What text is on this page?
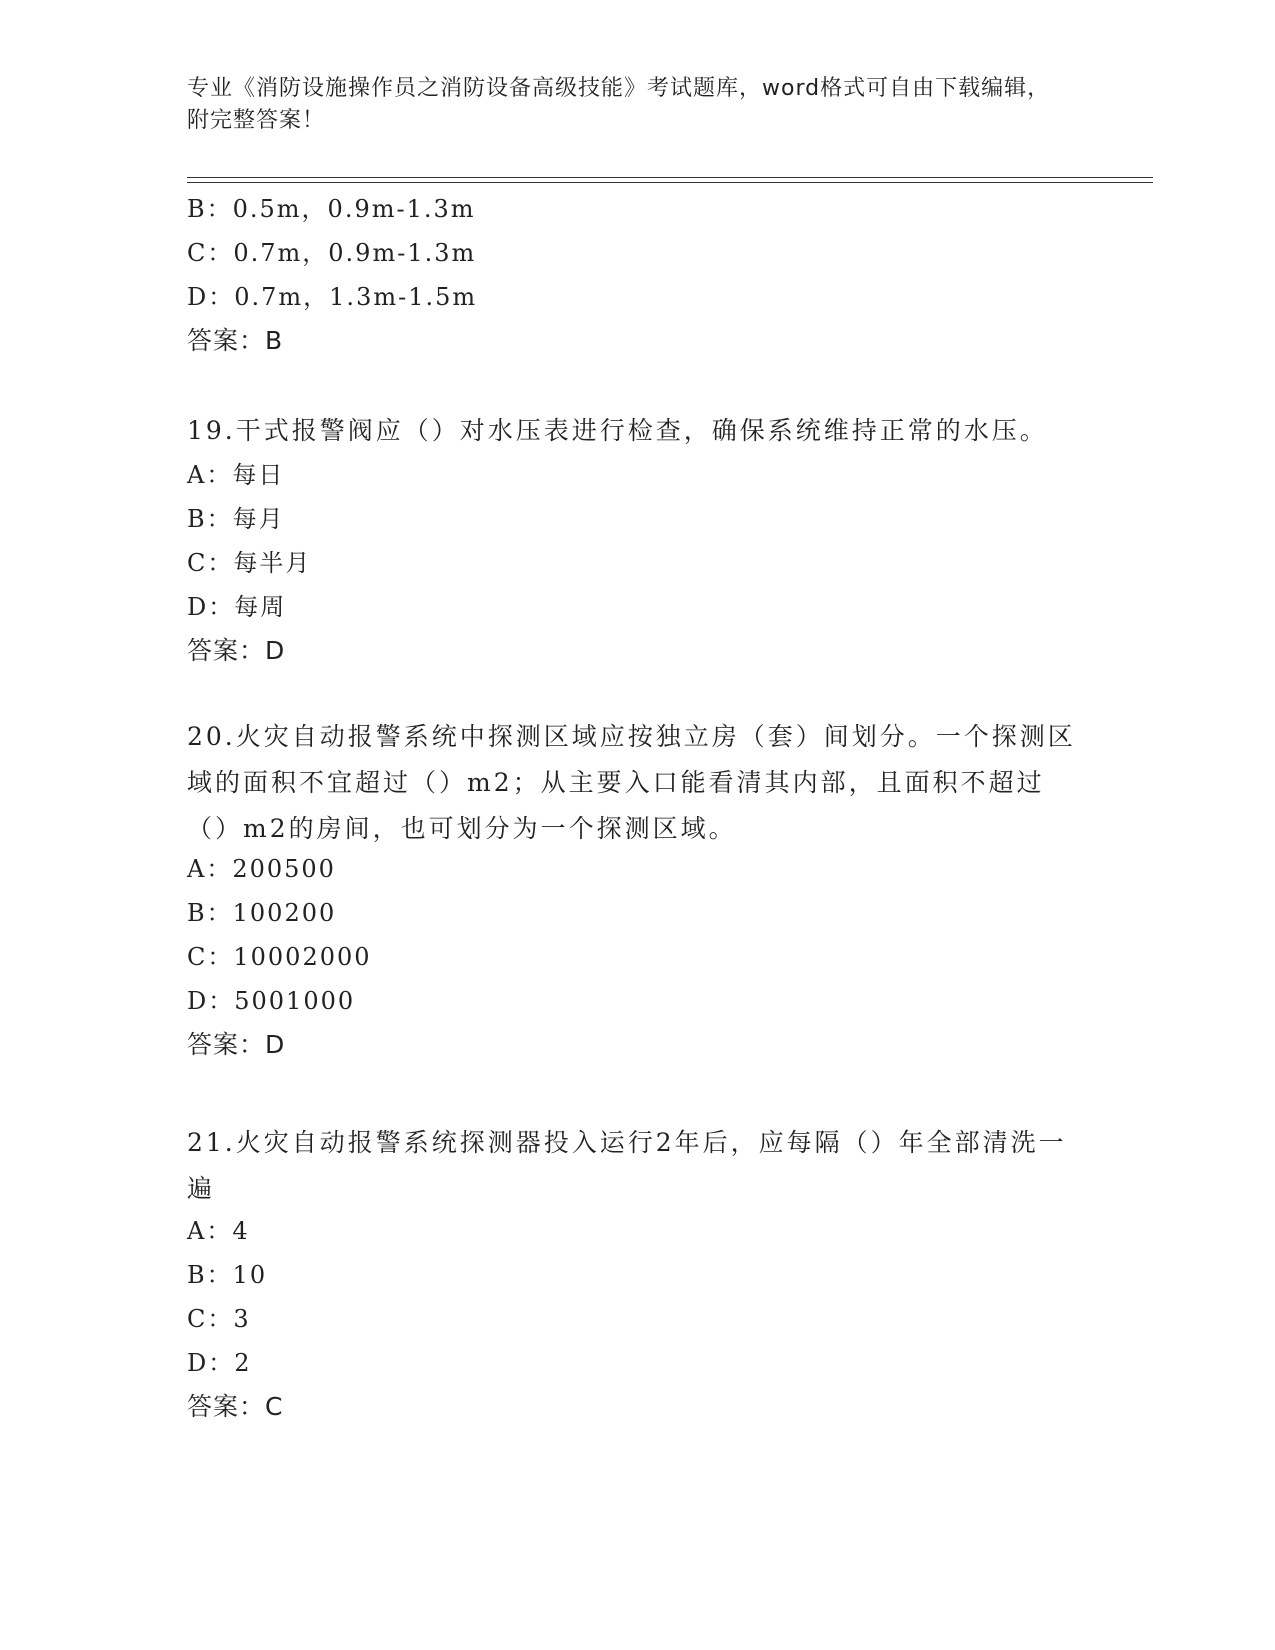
专业《消防设施操作员之消防设备高级技能》考试题库，word格式可自由下载编辑，附完整答案！
B：0.5m，0.9m-1.3m
C：0.7m，0.9m-1.3m
D：0.7m，1.3m-1.5m
答案：B
19.干式报警阀应（）对水压表进行检查，确保系统维持正常的水压。
A：每日
B：每月
C：每半月
D：每周
答案：D
20.火灾自动报警系统中探测区域应按独立房（套）间划分。一个探测区域的面积不宜超过（）m2；从主要入口能看清其内部，且面积不超过（）m2的房间，也可划分为一个探测区域。
A：200500
B：100200
C：10002000
D：5001000
答案：D
21.火灾自动报警系统探测器投入运行2年后，应每隔（）年全部清洗一遍
A：4
B：10
C：3
D：2
答案：C
